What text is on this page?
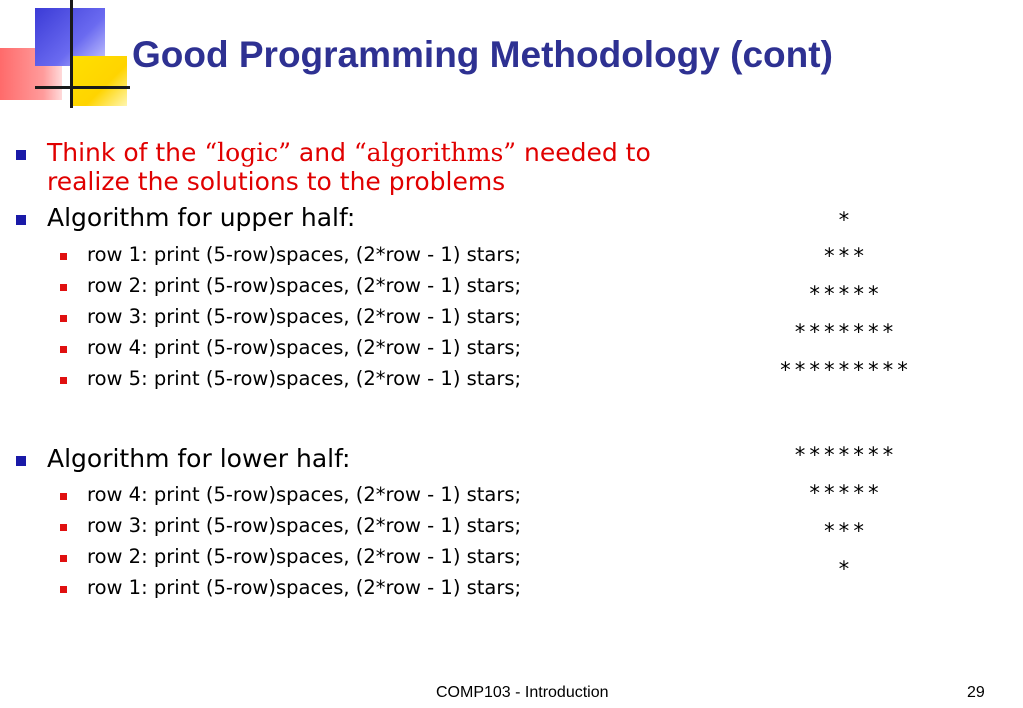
Good Programming Methodology (cont)
Think of the “logic” and “algorithms” needed to
realize the solutions to the problems
Algorithm for upper half:
row 1: print (5-row)spaces, (2*row - 1) stars;
row 2: print (5-row)spaces, (2*row - 1) stars;
row 3: print (5-row)spaces, (2*row - 1) stars;
row 4: print (5-row)spaces, (2*row - 1) stars;
row 5: print (5-row)spaces, (2*row - 1) stars;
Algorithm for lower half:
row 4: print (5-row)spaces, (2*row - 1) stars;
row 3: print (5-row)spaces, (2*row - 1) stars;
row 2: print (5-row)spaces, (2*row - 1) stars;
row 1: print (5-row)spaces, (2*row - 1) stars;
*
***
*****
*******
*********
*******
*****
***
*
COMP103 - Introduction	29
